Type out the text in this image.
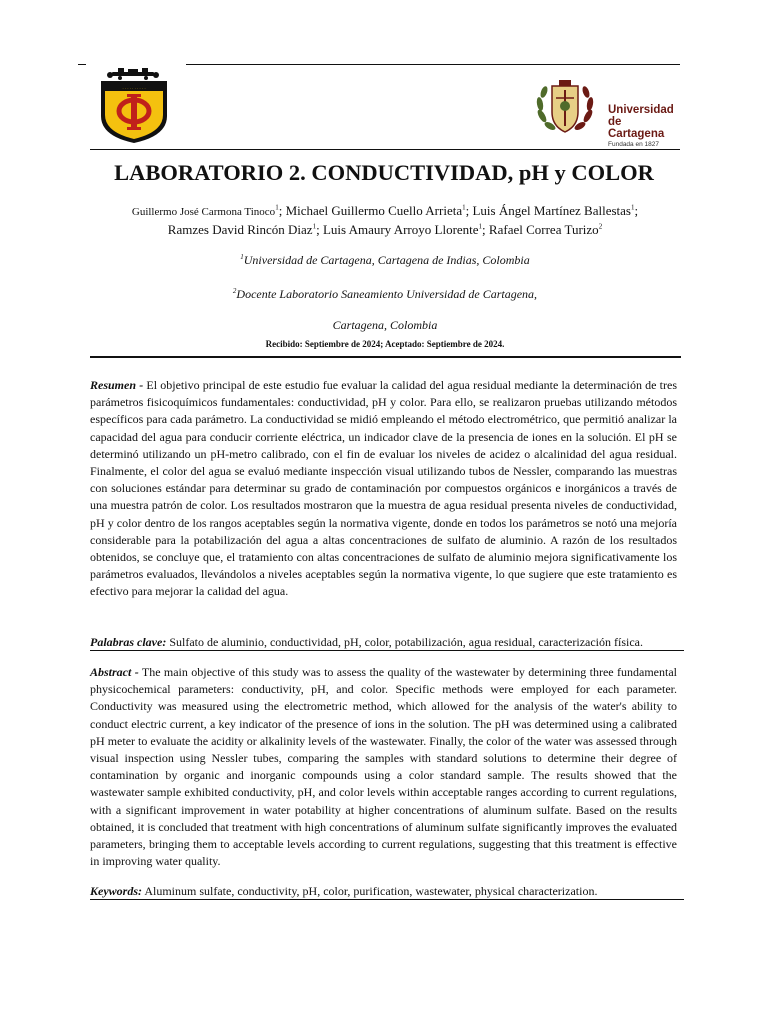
· · · · · · · · · ·
Universidad
de Cartagena
Fundada en 1827
LABORATORIO 2. CONDUCTIVIDAD, pH y COLOR
Guillermo José Carmona Tinoco$^1$; Michael Guillermo Cuello Arrieta$^1$; Luis Ángel Martínez Ballestas$^1$;
Ramzes David Rincón Diaz$^1$; Luis Amaury Arroyo Llorente$^1$; Rafael Correa Turizo$^2$
$^1$Universidad de Cartagena, Cartagena de Indias, Colombia
$^2$Docente Laboratorio Saneamiento Universidad de Cartagena,
Cartagena, Colombia
Recibido: Septiembre de 2024; Aceptado: Septiembre de 2024.
Resumen - El objetivo principal de este estudio fue evaluar la calidad del agua residual mediante la determinación de tres parámetros fisicoquímicos fundamentales: conductividad, pH y color. Para ello, se realizaron pruebas utilizando métodos específicos para cada parámetro. La conductividad se midió empleando el método electrométrico, que permitió analizar la capacidad del agua para conducir corriente eléctrica, un indicador clave de la presencia de iones en la solución. El pH se determinó utilizando un pH-metro calibrado, con el fin de evaluar los niveles de acidez o alcalinidad del agua residual. Finalmente, el color del agua se evaluó mediante inspección visual utilizando tubos de Nessler, comparando las muestras con soluciones estándar para determinar su grado de contaminación por compuestos orgánicos e inorgánicos a través de una muestra patrón de color. Los resultados mostraron que la muestra de agua residual presenta niveles de conductividad, pH y color dentro de los rangos aceptables según la normativa vigente, donde en todos los parámetros se notó una mejoría considerable para la potabilización del agua a altas concentraciones de sulfato de aluminio. A razón de los resultados obtenidos, se concluye que, el tratamiento con altas concentraciones de sulfato de aluminio mejora significativamente los parámetros evaluados, llevándolos a niveles aceptables según la normativa vigente, lo que sugiere que este tratamiento es efectivo para mejorar la calidad del agua.
Palabras clave: Sulfato de aluminio, conductividad, pH, color, potabilización, agua residual, caracterización física.
Abstract - The main objective of this study was to assess the quality of the wastewater by determining three fundamental physicochemical parameters: conductivity, pH, and color. Specific methods were employed for each parameter. Conductivity was measured using the electrometric method, which allowed for the analysis of the water's ability to conduct electric current, a key indicator of the presence of ions in the solution. The pH was determined using a calibrated pH meter to evaluate the acidity or alkalinity levels of the wastewater. Finally, the color of the water was assessed through visual inspection using Nessler tubes, comparing the samples with standard solutions to determine their degree of contamination by organic and inorganic compounds using a color standard sample. The results showed that the wastewater sample exhibited conductivity, pH, and color levels within acceptable ranges according to current regulations, with a significant improvement in water potability at higher concentrations of aluminum sulfate. Based on the results obtained, it is concluded that treatment with high concentrations of aluminum sulfate significantly improves the evaluated parameters, bringing them to acceptable levels according to current regulations, suggesting that this treatment is effective in improving water quality.
Keywords: Aluminum sulfate, conductivity, pH, color, purification, wastewater, physical characterization.
